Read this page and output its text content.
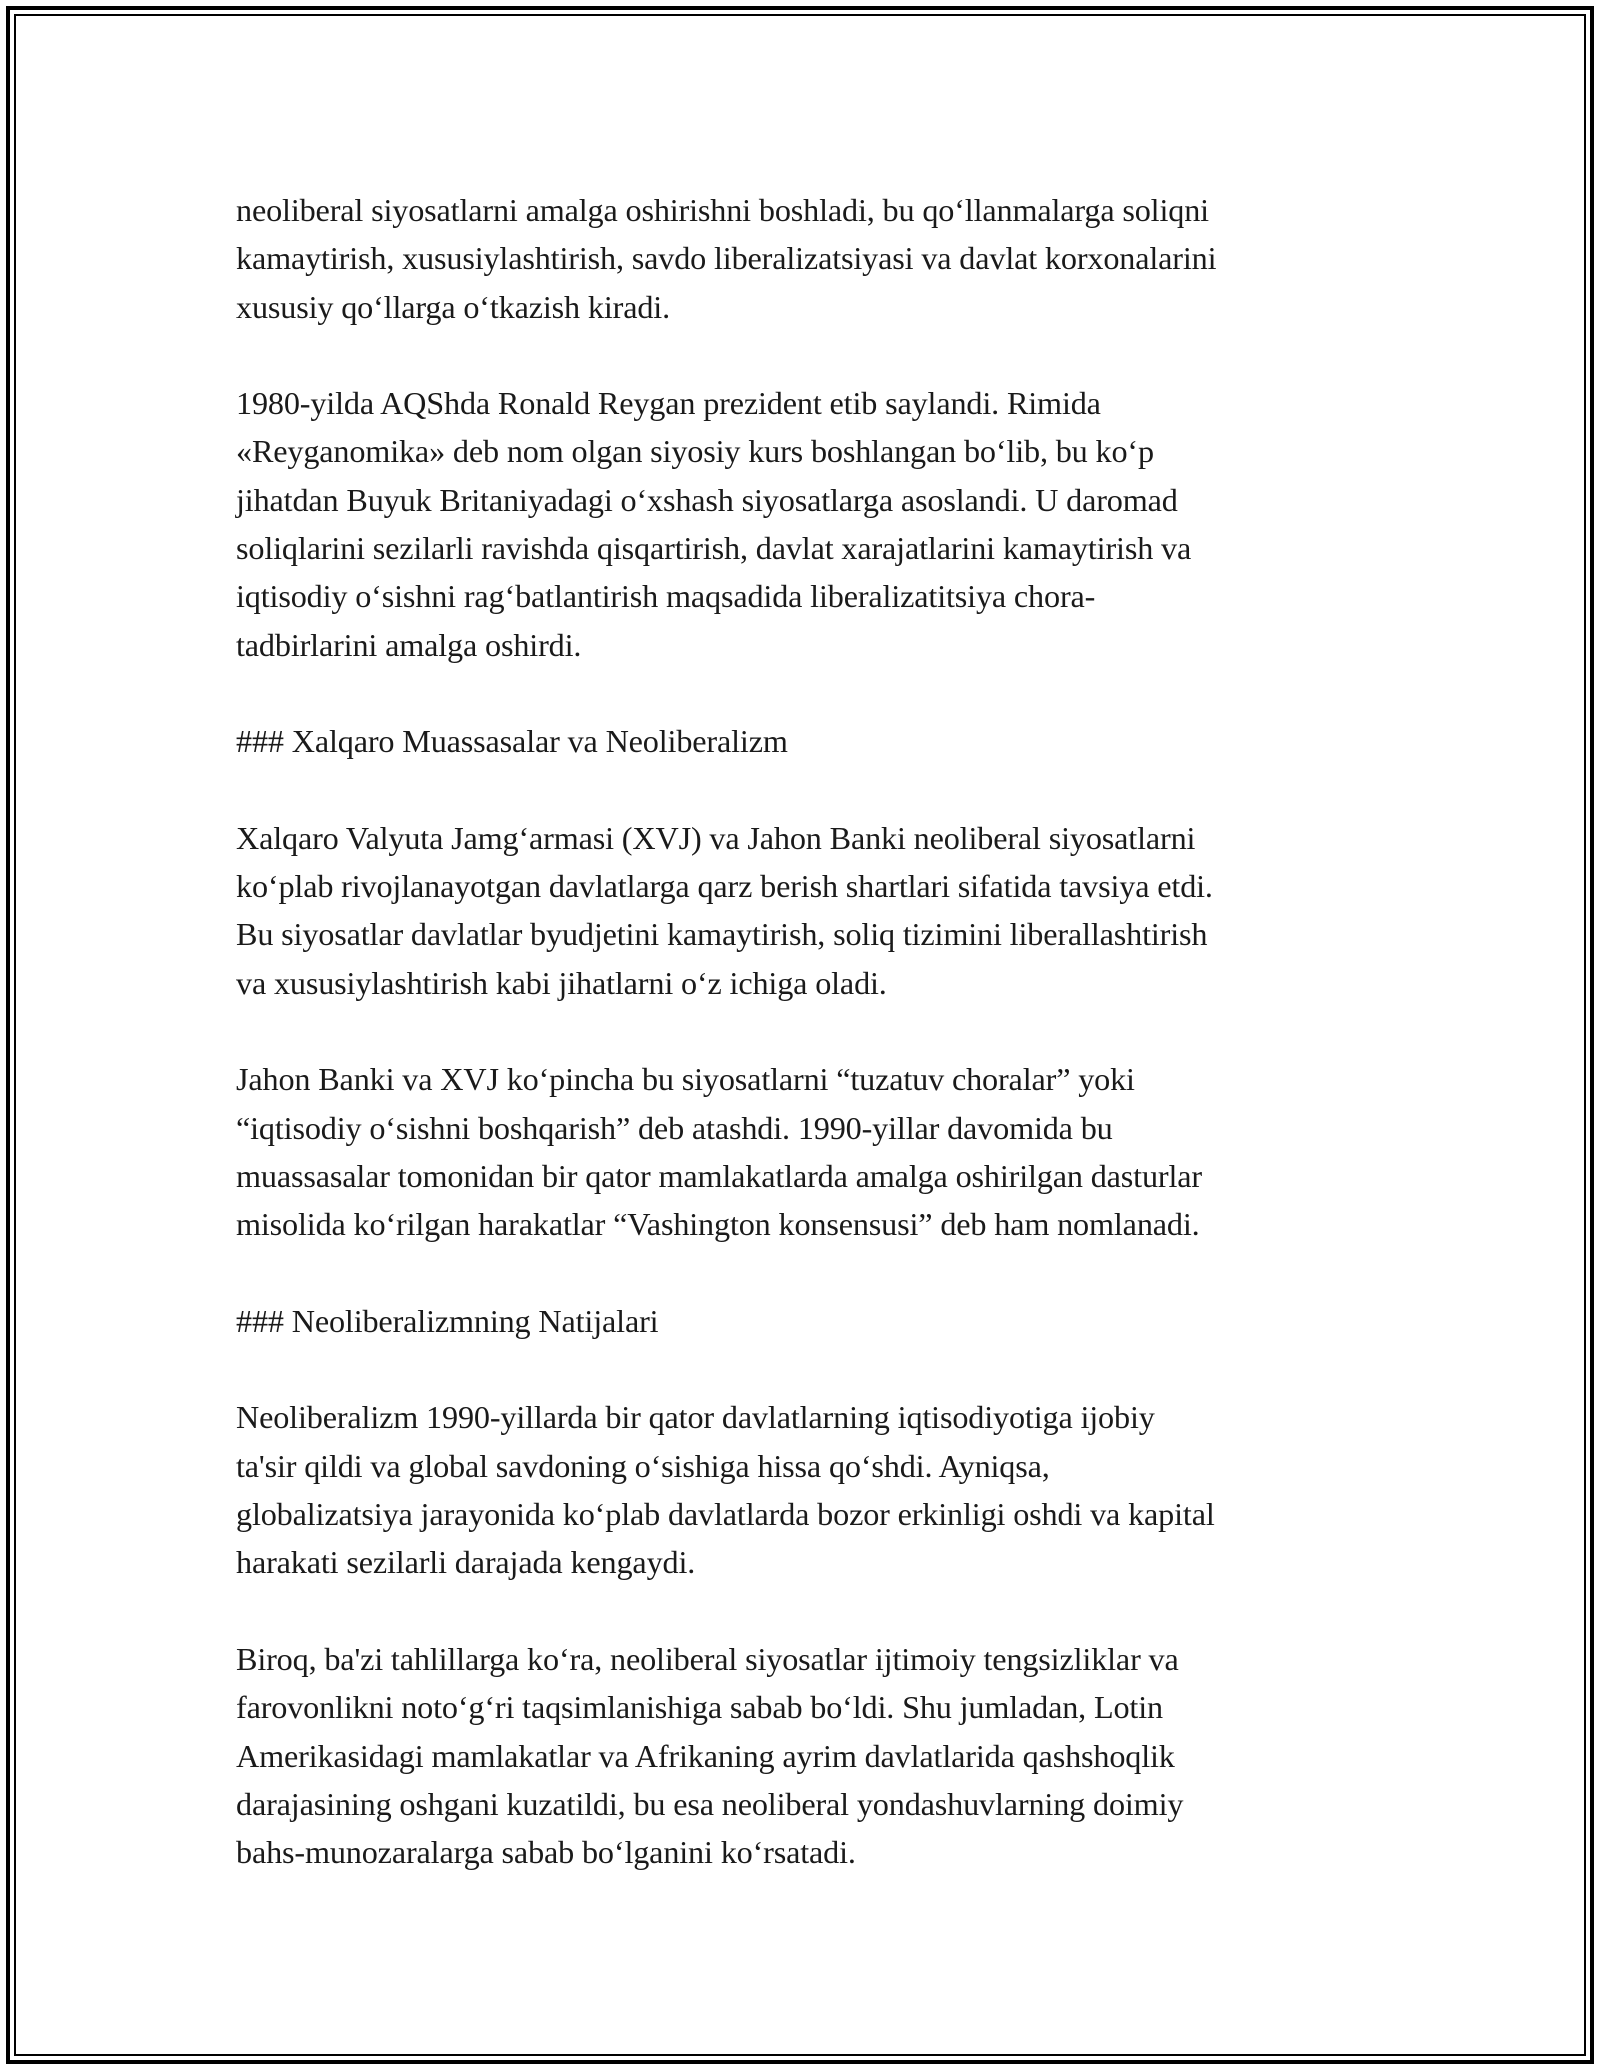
neoliberal siyosatlarni amalga oshirishni boshladi, bu qo‘llanmalarga soliqni
kamaytirish, xususiylashtirish, savdo liberalizatsiyasi va davlat korxonalarini
xususiy qo‘llarga o‘tkazish kiradi.

1980-yilda AQShda Ronald Reygan prezident etib saylandi. Rimida
«Reyganomika» deb nom olgan siyosiy kurs boshlangan bo‘lib, bu ko‘p
jihatdan Buyuk Britaniyadagi o‘xshash siyosatlarga asoslandi. U daromad
soliqlarini sezilarli ravishda qisqartirish, davlat xarajatlarini kamaytirish va
iqtisodiy o‘sishni rag‘batlantirish maqsadida liberalizatitsiya chora-
tadbirlarini amalga oshirdi.

### Xalqaro Muassasalar va Neoliberalizm

Xalqaro Valyuta Jamg‘armasi (XVJ) va Jahon Banki neoliberal siyosatlarni
ko‘plab rivojlanayotgan davlatlarga qarz berish shartlari sifatida tavsiya etdi.
Bu siyosatlar davlatlar byudjetini kamaytirish, soliq tizimini liberallashtirish
va xususiylashtirish kabi jihatlarni o‘z ichiga oladi.

Jahon Banki va XVJ ko‘pincha bu siyosatlarni “tuzatuv choralar” yoki
“iqtisodiy o‘sishni boshqarish” deb atashdi. 1990-yillar davomida bu
muassasalar tomonidan bir qator mamlakatlarda amalga oshirilgan dasturlar
misolida ko‘rilgan harakatlar “Vashington konsensusi” deb ham nomlanadi.

### Neoliberalizmning Natijalari

Neoliberalizm 1990-yillarda bir qator davlatlarning iqtisodiyotiga ijobiy
ta'sir qildi va global savdoning o‘sishiga hissa qo‘shdi. Ayniqsa,
globalizatsiya jarayonida ko‘plab davlatlarda bozor erkinligi oshdi va kapital
harakati sezilarli darajada kengaydi.

Biroq, ba'zi tahlillarga ko‘ra, neoliberal siyosatlar ijtimoiy tengsizliklar va
farovonlikni noto‘g‘ri taqsimlanishiga sabab bo‘ldi. Shu jumladan, Lotin
Amerikasidagi mamlakatlar va Afrikaning ayrim davlatlarida qashshoqlik
darajasining oshgani kuzatildi, bu esa neoliberal yondashuvlarning doimiy
bahs-munozaralarga sabab bo‘lganini ko‘rsatadi.
